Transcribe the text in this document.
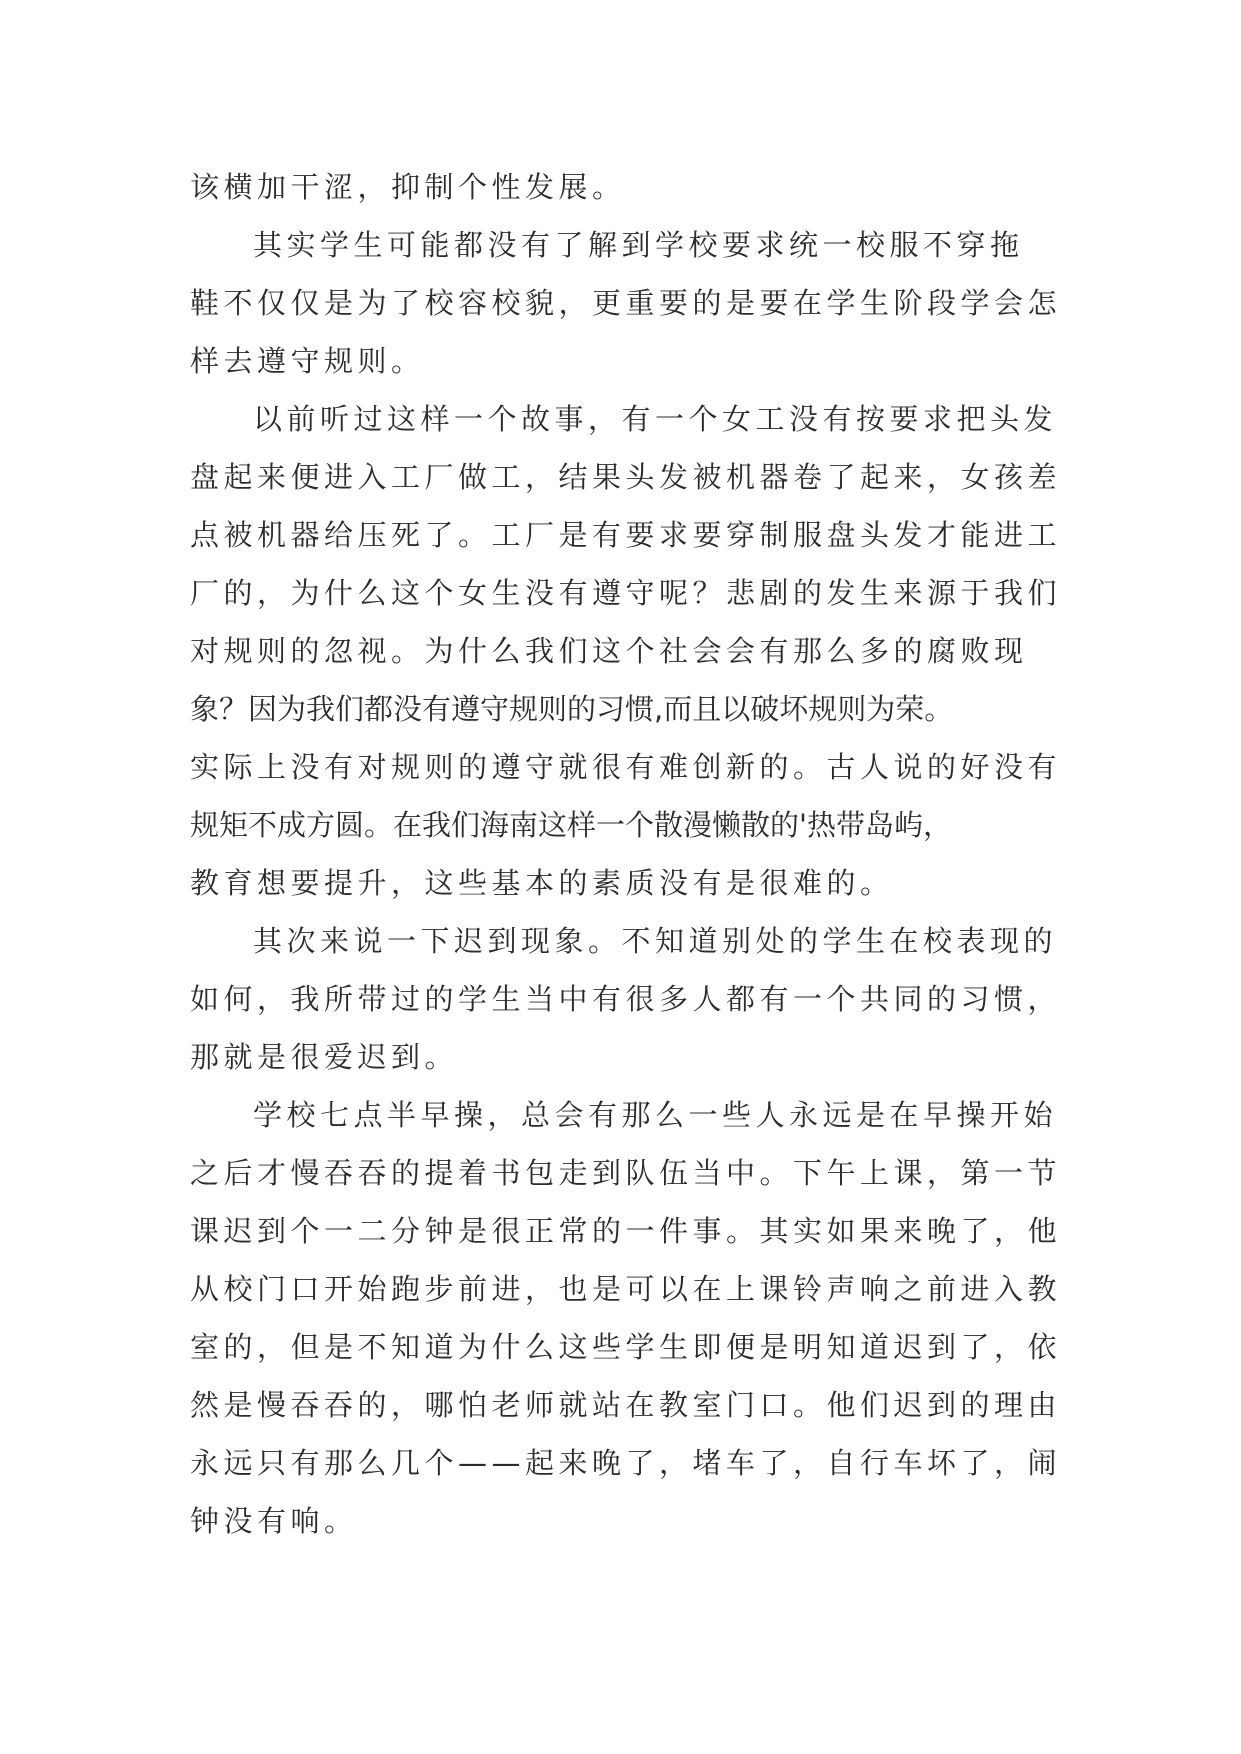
该横加干涩，抑制个性发展。
其实学生可能都没有了解到学校要求统一校服不穿拖
鞋不仅仅是为了校容校貌，更重要的是要在学生阶段学会怎
样去遵守规则。
以前听过这样一个故事，有一个女工没有按要求把头发
盘起来便进入工厂做工，结果头发被机器卷了起来，女孩差
点被机器给压死了。工厂是有要求要穿制服盘头发才能进工
厂的，为什么这个女生没有遵守呢？悲剧的发生来源于我们
对规则的忽视。为什么我们这个社会会有那么多的腐败现
象？因为我们都没有遵守规则的习惯,而且以破坏规则为荣。
实际上没有对规则的遵守就很有难创新的。古人说的好没有
规矩不成方圆。在我们海南这样一个散漫懒散的'热带岛屿，
教育想要提升，这些基本的素质没有是很难的。
其次来说一下迟到现象。不知道别处的学生在校表现的
如何，我所带过的学生当中有很多人都有一个共同的习惯，
那就是很爱迟到。
学校七点半早操，总会有那么一些人永远是在早操开始
之后才慢吞吞的提着书包走到队伍当中。下午上课，第一节
课迟到个一二分钟是很正常的一件事。其实如果来晚了，他
从校门口开始跑步前进，也是可以在上课铃声响之前进入教
室的，但是不知道为什么这些学生即便是明知道迟到了，依
然是慢吞吞的，哪怕老师就站在教室门口。他们迟到的理由
永远只有那么几个——起来晚了，堵车了，自行车坏了，闹
钟没有响。
